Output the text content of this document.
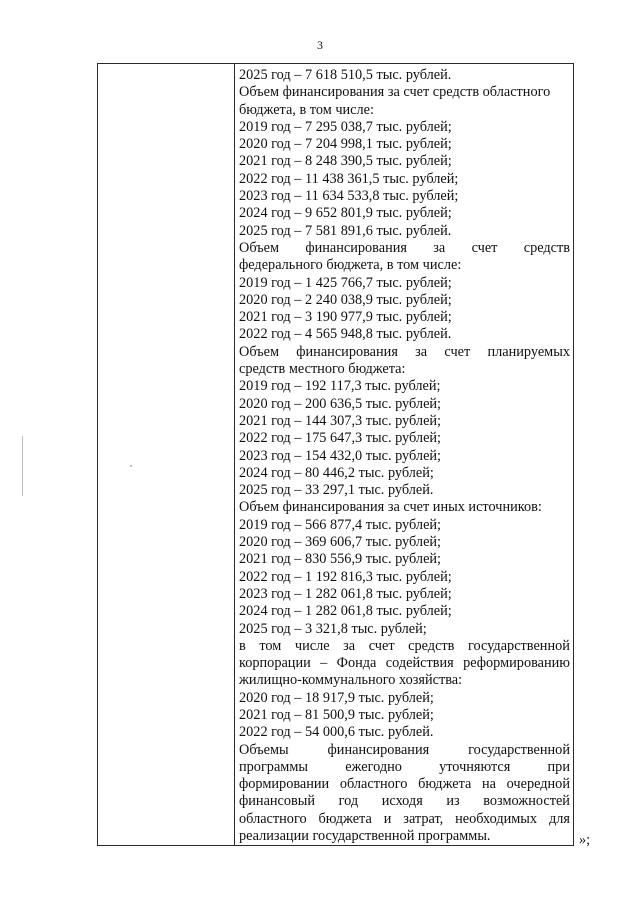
3
2025 год – 7 618 510,5 тыс. рублей.
Объем финансирования за счет средств областного
бюджета, в том числе:
2019 год – 7 295 038,7 тыс. рублей;
2020 год – 7 204 998,1 тыс. рублей;
2021 год – 8 248 390,5 тыс. рублей;
2022 год – 11 438 361,5 тыс. рублей;
2023 год – 11 634 533,8 тыс. рублей;
2024 год – 9 652 801,9 тыс. рублей;
2025 год – 7 581 891,6 тыс. рублей.
Объем финансирования за счет средств
федерального бюджета, в том числе:
2019 год – 1 425 766,7 тыс. рублей;
2020 год – 2 240 038,9 тыс. рублей;
2021 год – 3 190 977,9 тыс. рублей;
2022 год – 4 565 948,8 тыс. рублей.
Объем финансирования за счет планируемых
средств местного бюджета:
2019 год – 192 117,3 тыс. рублей;
2020 год – 200 636,5 тыс. рублей;
2021 год – 144 307,3 тыс. рублей;
2022 год – 175 647,3 тыс. рублей;
2023 год – 154 432,0 тыс. рублей;
2024 год – 80 446,2 тыс. рублей;
2025 год – 33 297,1 тыс. рублей.
Объем финансирования за счет иных источников:
2019 год – 566 877,4 тыс. рублей;
2020 год – 369 606,7 тыс. рублей;
2021 год – 830 556,9 тыс. рублей;
2022 год – 1 192 816,3 тыс. рублей;
2023 год – 1 282 061,8 тыс. рублей;
2024 год – 1 282 061,8 тыс. рублей;
2025 год – 3 321,8 тыс. рублей;
в том числе за счет средств государственной
корпорации – Фонда содействия реформированию
жилищно-коммунального хозяйства:
2020 год – 18 917,9 тыс. рублей;
2021 год – 81 500,9 тыс. рублей;
2022 год – 54 000,6 тыс. рублей.
Объемы	финансирования	государственной
программы	ежегодно	уточняются	при
формировании областного бюджета на очередной
финансовый год исходя из возможностей
областного бюджета и затрат, необходимых для
реализации государственной программы.	»;
